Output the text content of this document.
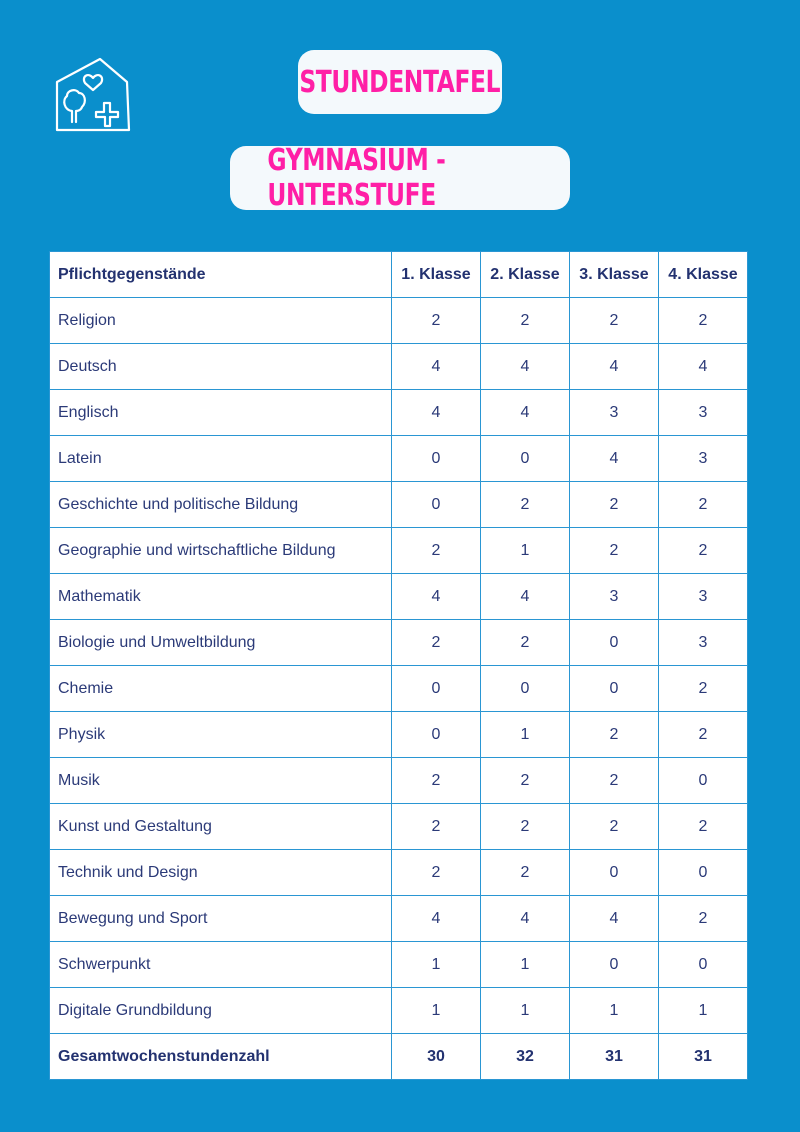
STUNDENTAFEL
GYMNASIUM - UNTERSTUFE
Pflichtgegenstände	1. Klasse	2. Klasse	3. Klasse	4. Klasse
Religion	2	2	2	2
Deutsch	4	4	4	4
Englisch	4	4	3	3
Latein	0	0	4	3
Geschichte und politische Bildung	0	2	2	2
Geographie und wirtschaftliche Bildung	2	1	2	2
Mathematik	4	4	3	3
Biologie und Umweltbildung	2	2	0	3
Chemie	0	0	0	2
Physik	0	1	2	2
Musik	2	2	2	0
Kunst und Gestaltung	2	2	2	2
Technik und Design	2	2	0	0
Bewegung und Sport	4	4	4	2
Schwerpunkt	1	1	0	0
Digitale Grundbildung	1	1	1	1
Gesamtwochenstundenzahl	30	32	31	31
